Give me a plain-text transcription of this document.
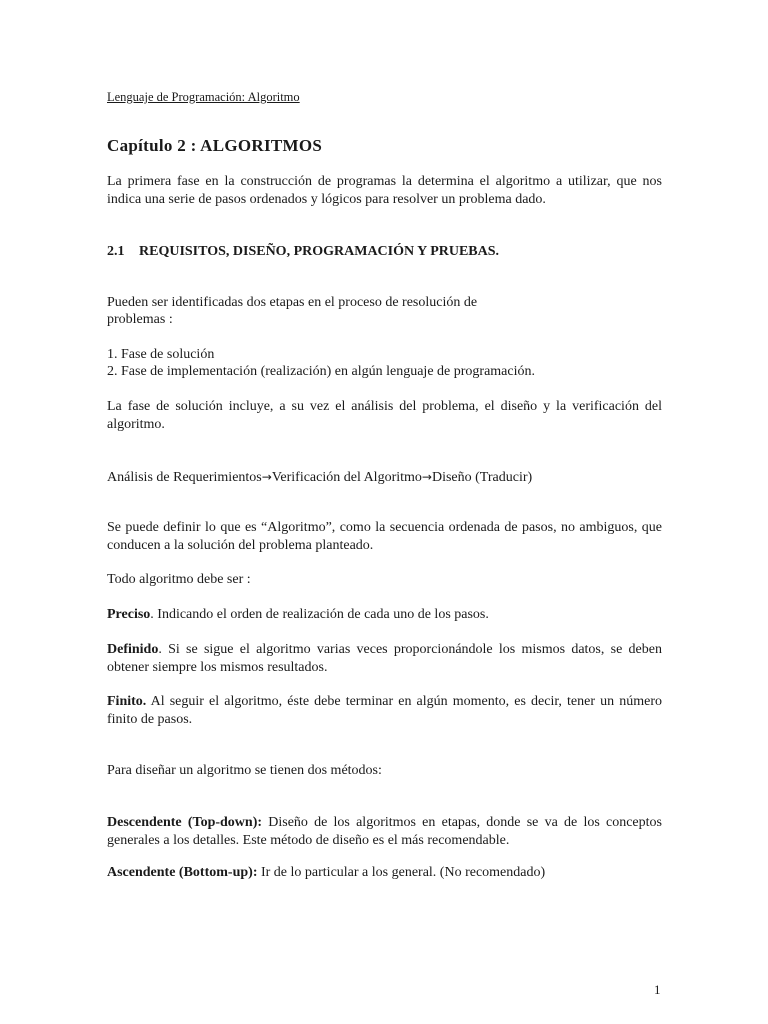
Lenguaje de Programación: Algoritmo
Capítulo 2 : ALGORITMOS
La primera fase en la construcción de programas la determina el algoritmo a utilizar, que nos indica una serie de pasos ordenados y lógicos para resolver un problema dado.
2.1 REQUISITOS, DISEÑO, PROGRAMACIÓN Y PRUEBAS.
Pueden ser identificadas dos etapas en el proceso de resolución de
problemas :
1. Fase de solución
2. Fase de implementación (realización) en algún lenguaje de programación.
La fase de solución incluye, a su vez el análisis del problema, el diseño y la verificación del algoritmo.
Análisis de Requerimientos→Verificación del Algoritmo→Diseño (Traducir)
Se puede definir lo que es “Algoritmo”, como la secuencia ordenada de pasos, no ambiguos, que conducen a la solución del problema planteado.
Todo algoritmo debe ser :
Preciso. Indicando el orden de realización de cada uno de los pasos.
Definido. Si se sigue el algoritmo varias veces proporcionándole los mismos datos, se deben obtener siempre los mismos resultados.
Finito. Al seguir el algoritmo, éste debe terminar en algún momento, es decir, tener un número finito de pasos.
Para diseñar un algoritmo se tienen dos métodos:
Descendente (Top-down): Diseño de los algoritmos en etapas, donde se va de los conceptos generales a los detalles. Este método de diseño es el más recomendable.
Ascendente (Bottom-up): Ir de lo particular a los general. (No recomendado)
1
